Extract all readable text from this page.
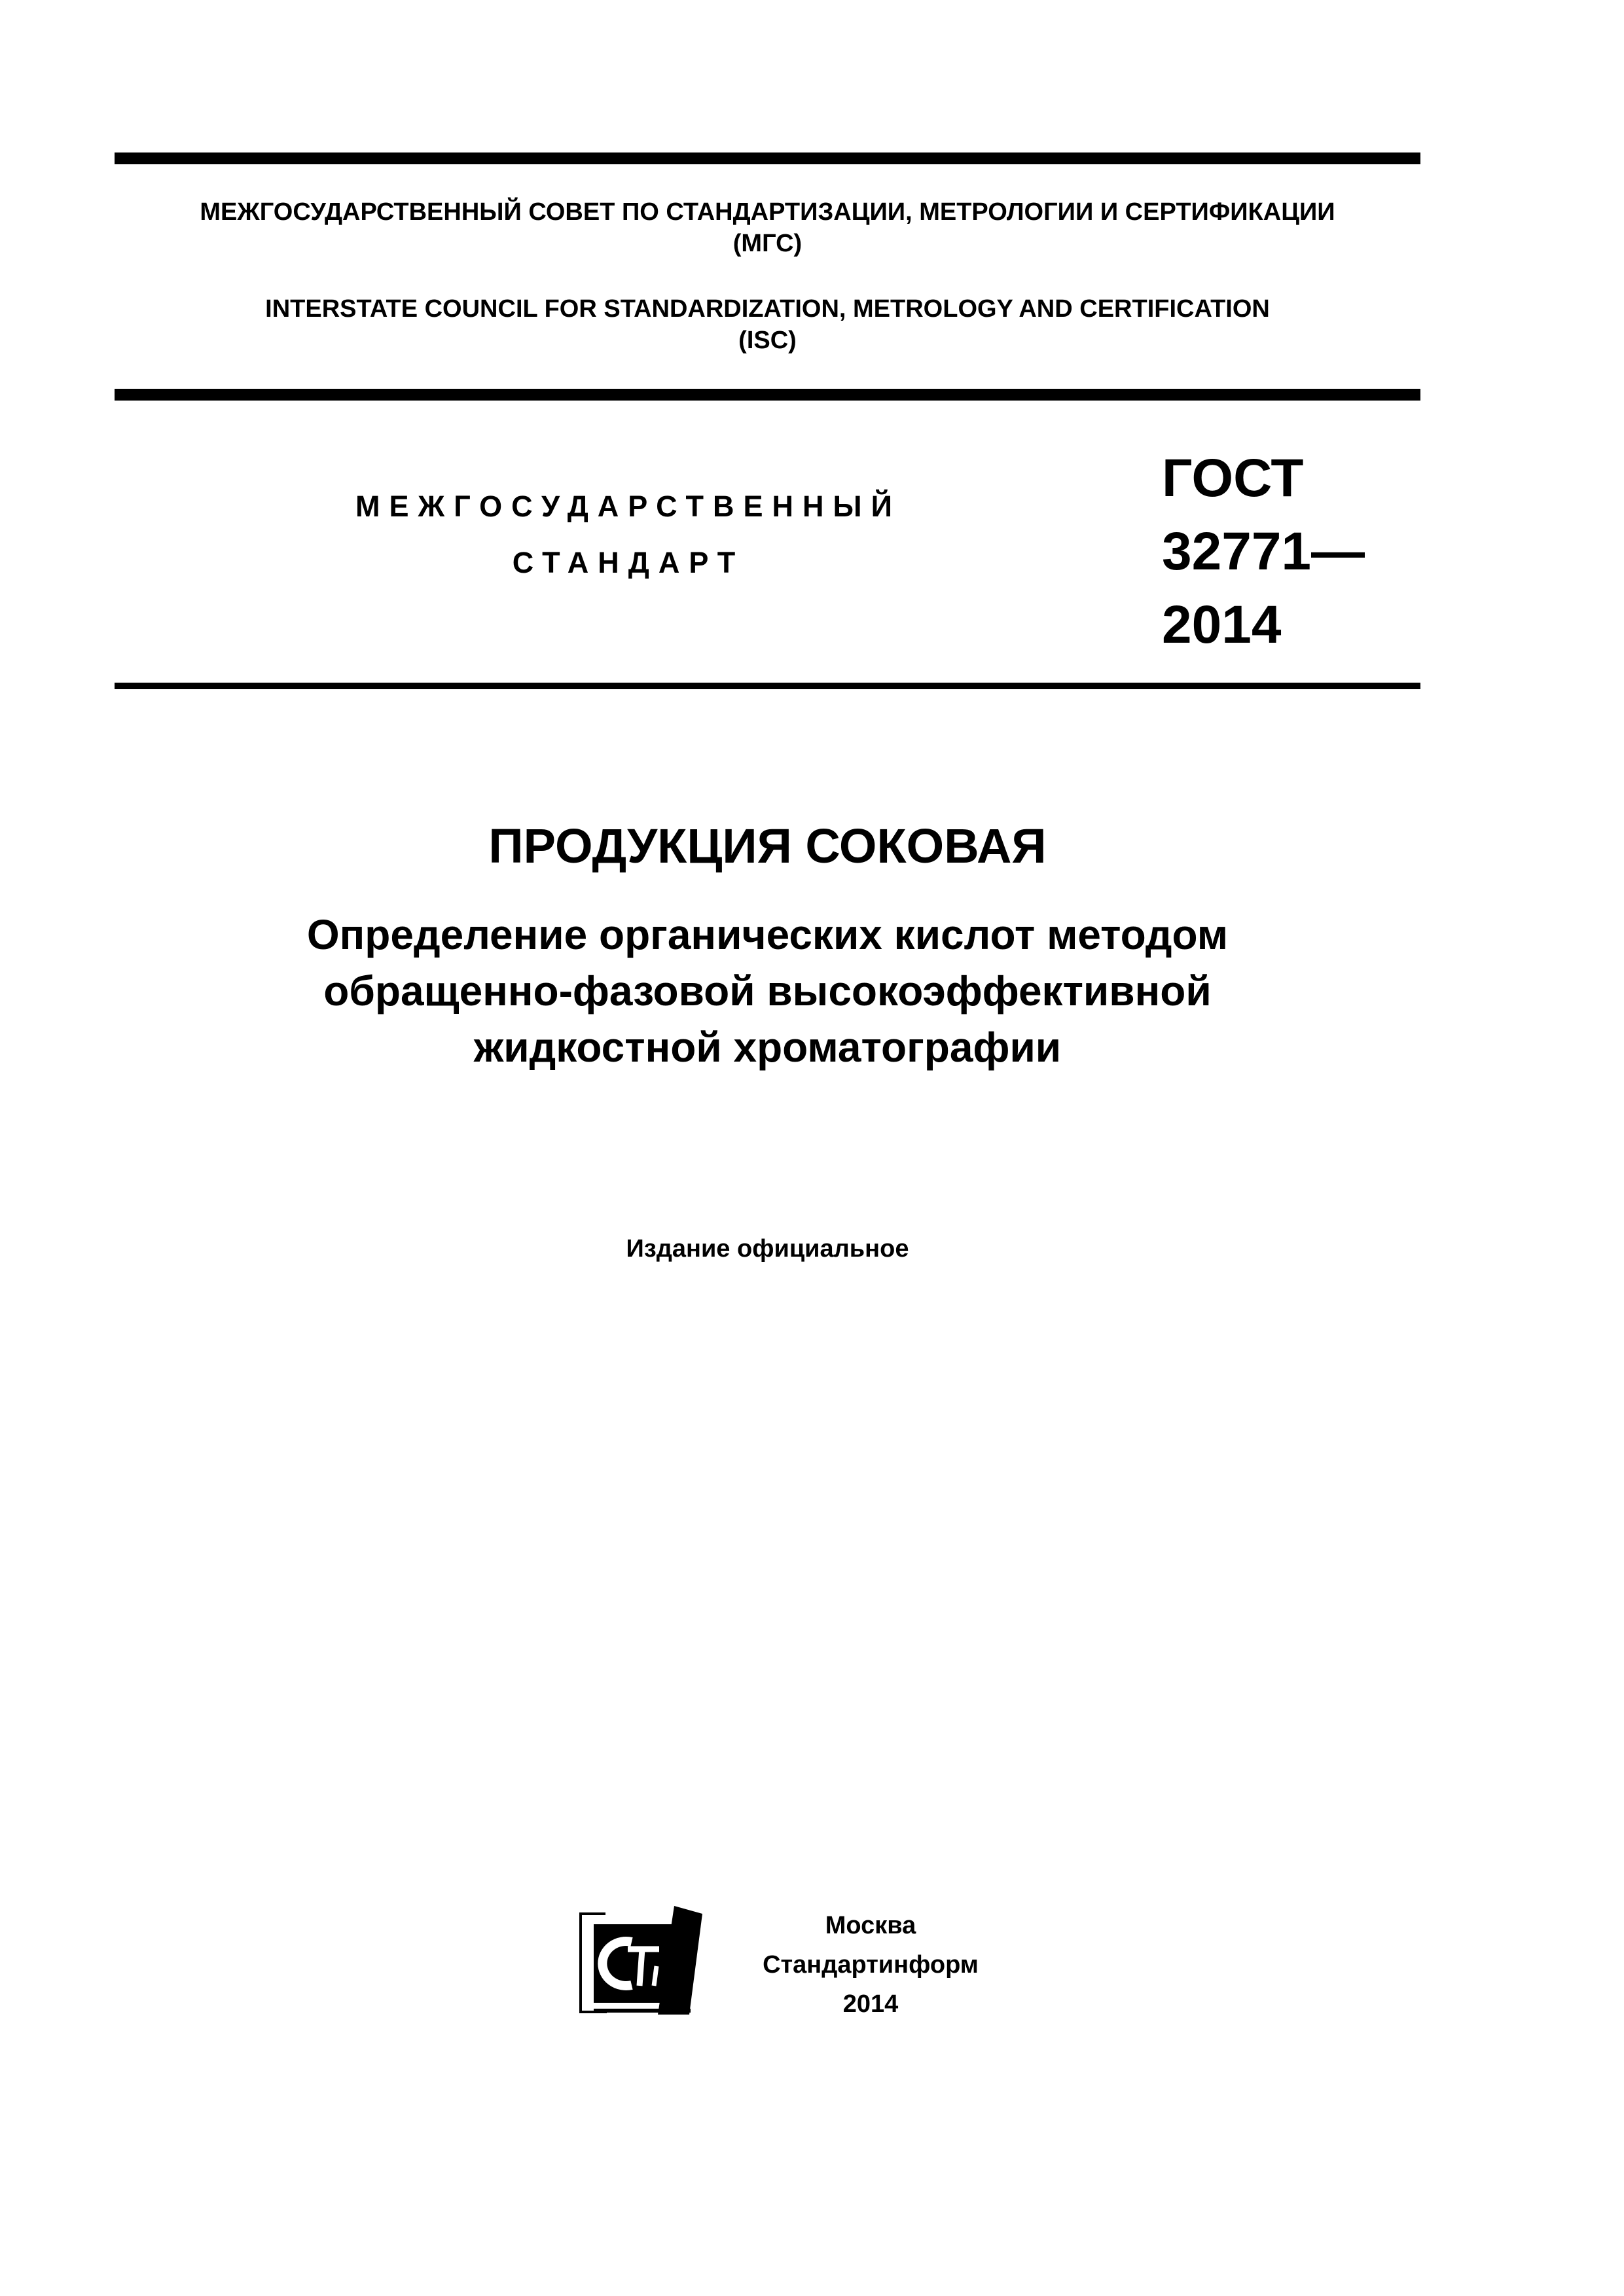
МЕЖГОСУДАРСТВЕННЫЙ СОВЕТ ПО СТАНДАРТИЗАЦИИ, МЕТРОЛОГИИ И СЕРТИФИКАЦИИ
(МГС)
INTERSTATE COUNCIL FOR STANDARDIZATION, METROLOGY AND CERTIFICATION
(ISC)
МЕЖГОСУДАРСТВЕННЫЙ
СТАНДАРТ
ГОСТ
32771—
2014
ПРОДУКЦИЯ СОКОВАЯ
Определение органических кислот методом
обращенно-фазовой высокоэффективной
жидкостной хроматографии
Издание официальное
Москва
Стандартинформ
2014
